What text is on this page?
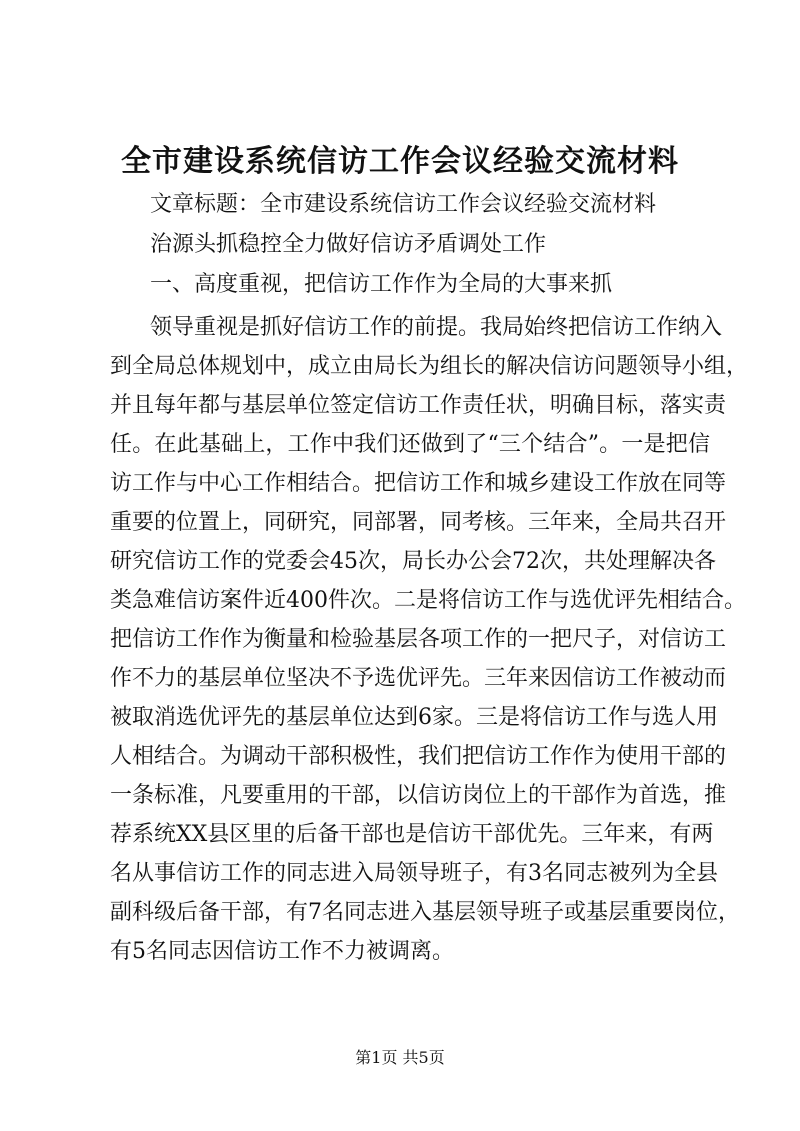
全市建设系统信访工作会议经验交流材料
文章标题：全市建设系统信访工作会议经验交流材料
治源头抓稳控全力做好信访矛盾调处工作
一、高度重视，把信访工作作为全局的大事来抓
领导重视是抓好信访工作的前提。我局始终把信访工作纳入
到全局总体规划中，成立由局长为组长的解决信访问题领导小组，
并且每年都与基层单位签定信访工作责任状，明确目标，落实责
任。在此基础上，工作中我们还做到了“三个结合”。一是把信
访工作与中心工作相结合。把信访工作和城乡建设工作放在同等
重要的位置上，同研究，同部署，同考核。三年来，全局共召开
研究信访工作的党委会45次，局长办公会72次，共处理解决各
类急难信访案件近400件次。二是将信访工作与选优评先相结合。
把信访工作作为衡量和检验基层各项工作的一把尺子，对信访工
作不力的基层单位坚决不予选优评先。三年来因信访工作被动而
被取消选优评先的基层单位达到6家。三是将信访工作与选人用
人相结合。为调动干部积极性，我们把信访工作作为使用干部的
一条标准，凡要重用的干部，以信访岗位上的干部作为首选，推
荐系统XX县区里的后备干部也是信访干部优先。三年来，有两
名从事信访工作的同志进入局领导班子，有3名同志被列为全县
副科级后备干部，有7名同志进入基层领导班子或基层重要岗位，
有5名同志因信访工作不力被调离。
第1页 共5页
